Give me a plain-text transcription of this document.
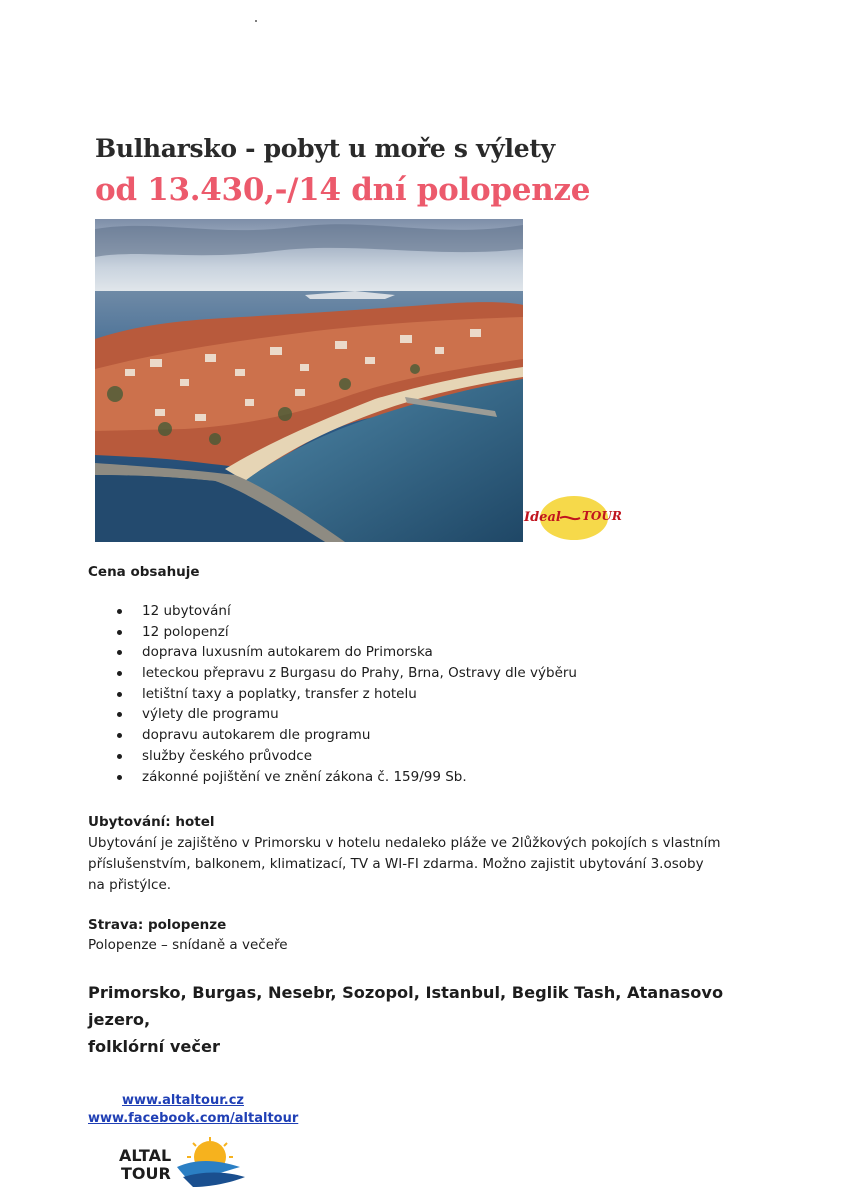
Bulharsko - pobyt u moře s výlety
od 13.430,-/14 dní polopenze
Ideal TOUR
Cena obsahuje
12 ubytování
12 polopenzí
doprava luxusním autokarem do Primorska
leteckou přepravu z Burgasu do Prahy, Brna, Ostravy dle výběru
letištní taxy a poplatky, transfer z hotelu
výlety dle programu
dopravu autokarem dle programu
služby českého průvodce
zákonné pojištění ve znění zákona č. 159/99 Sb.
Ubytování: hotel
Ubytování je zajištěno v Primorsku v hotelu nedaleko pláže ve 2lůžkových pokojích s vlastním
příslušenstvím, balkonem, klimatizací, TV a WI-FI zdarma. Možno zajistit ubytování 3.osoby
na přistýlce.
Strava: polopenze
Polopenze – snídaně a večeře
Primorsko, Burgas, Nesebr, Sozopol, Istanbul, Beglik Tash, Atanasovo jezero,
folklórní večer
www.altaltour.cz
www.facebook.com/altaltour
ALTAL
TOUR
